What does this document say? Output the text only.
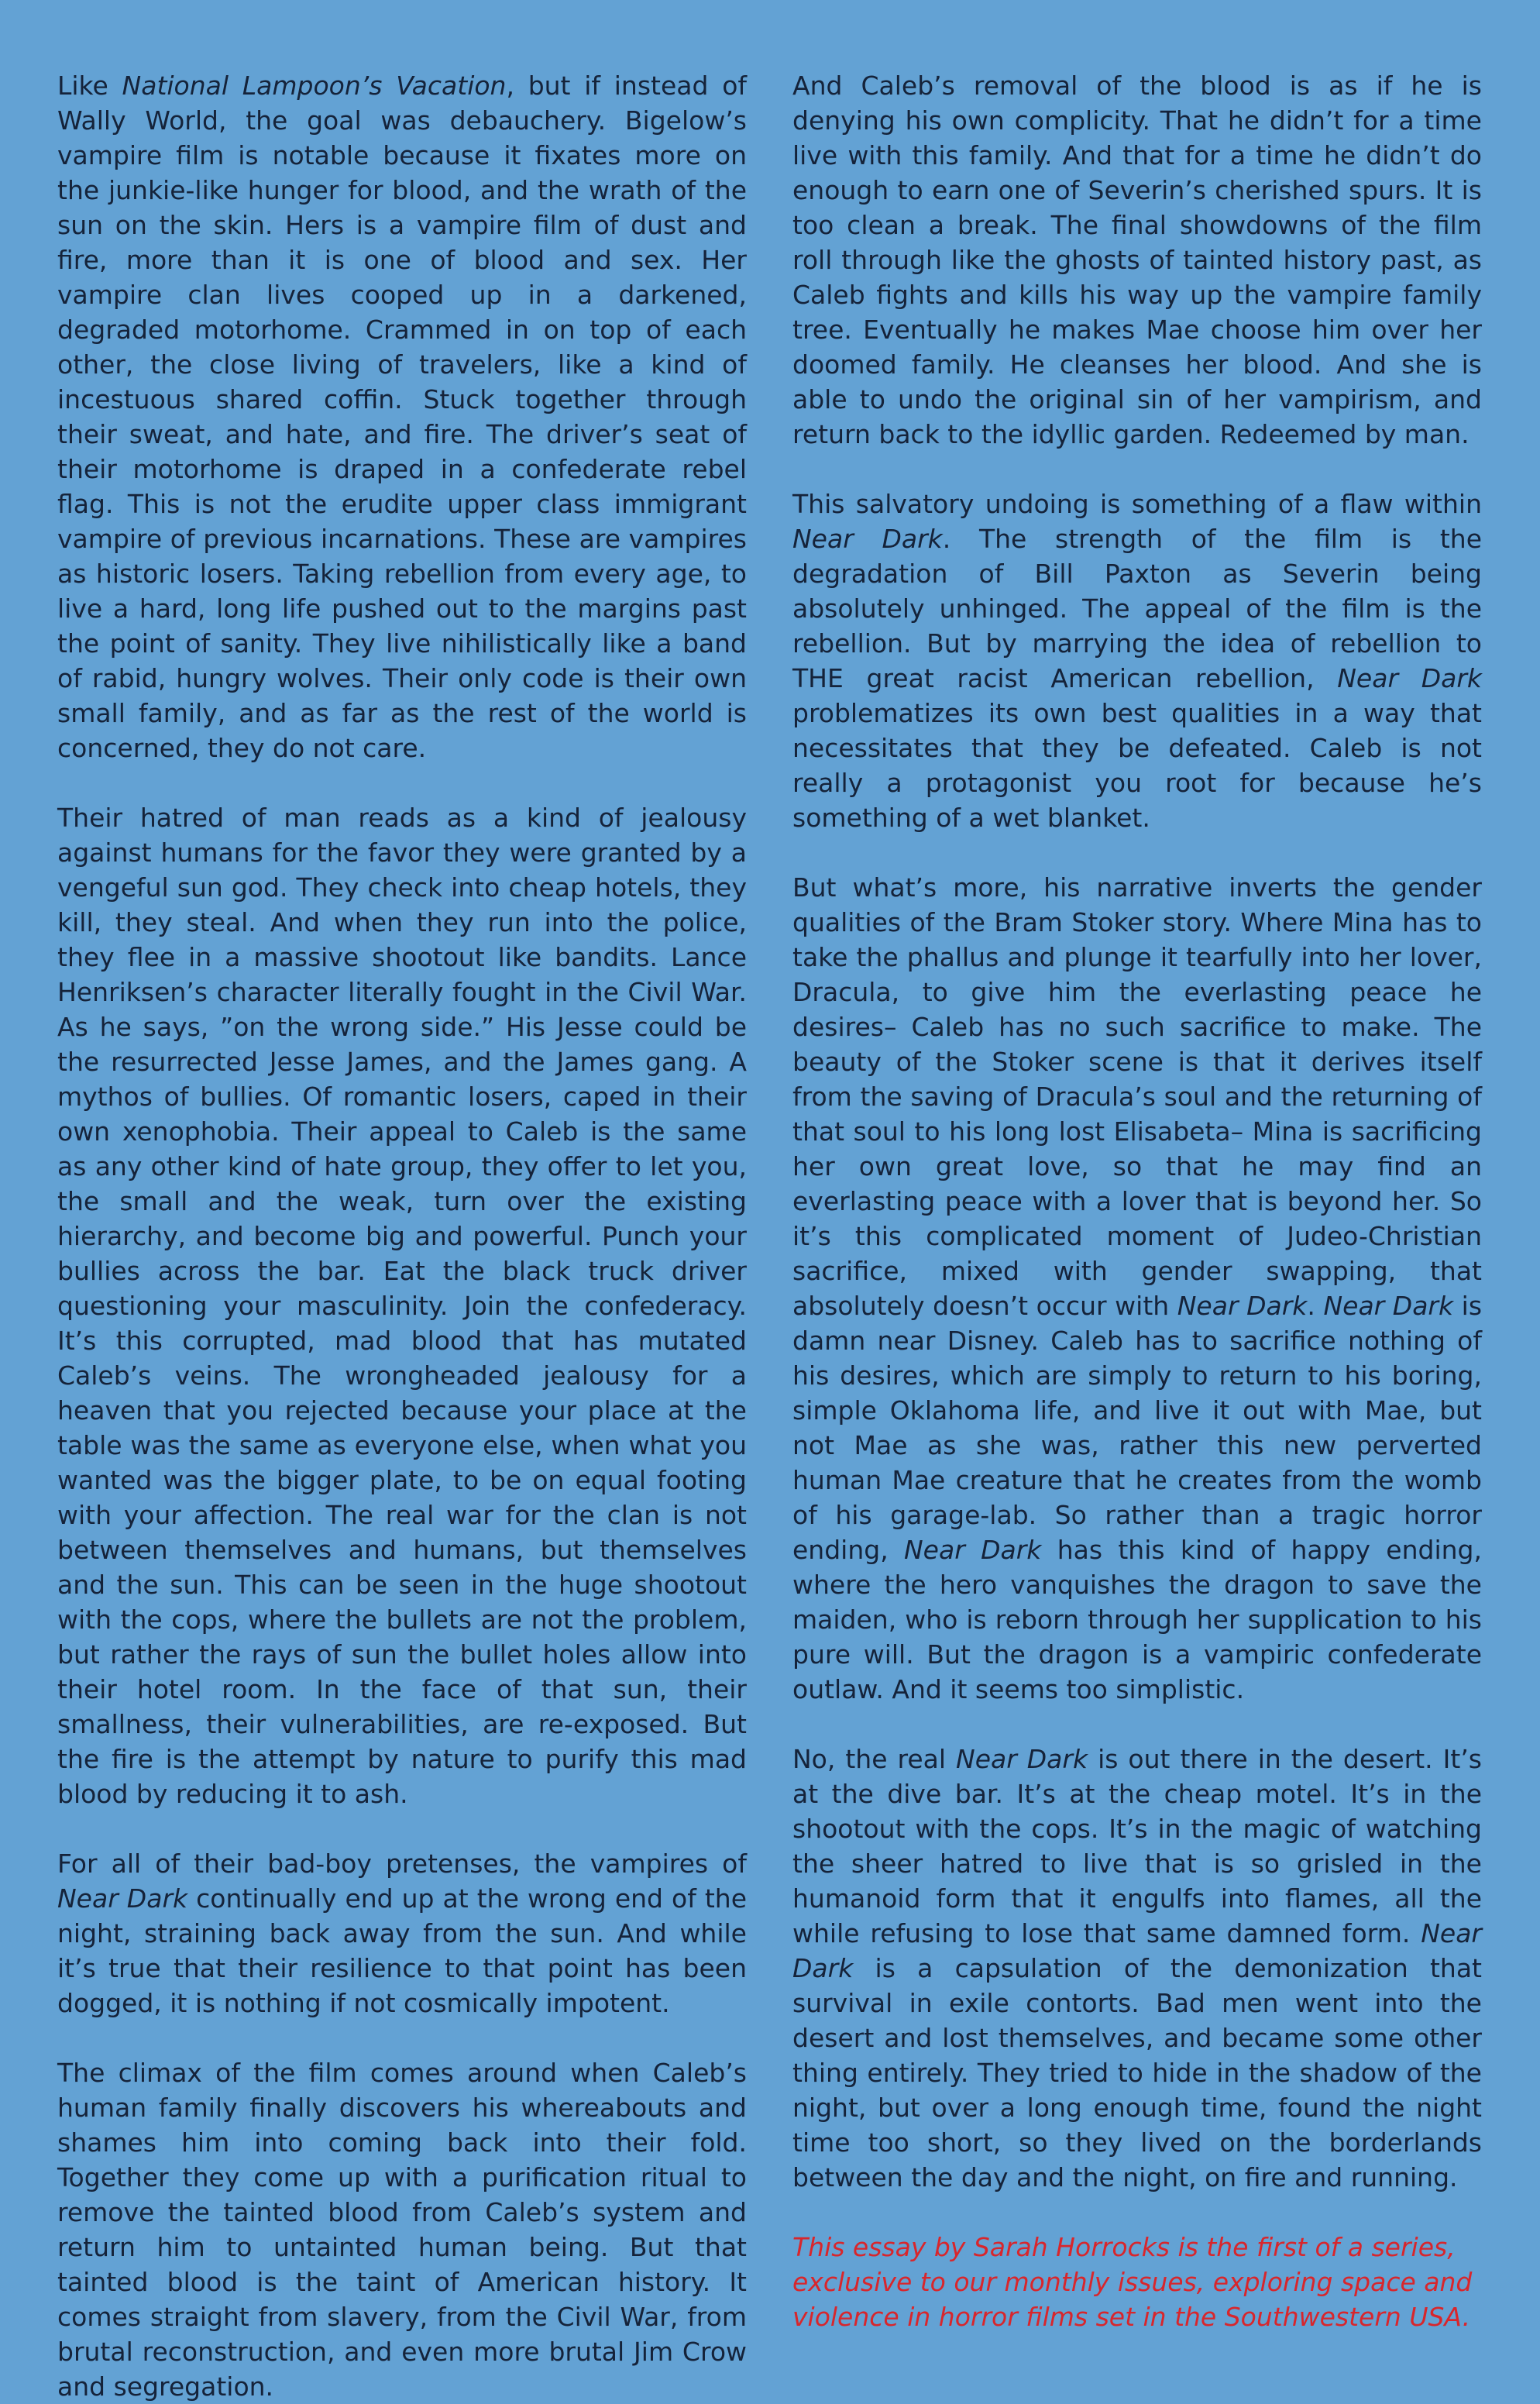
Like National Lampoon’s Vacation, but if instead of Wally World, the goal was debauchery. Bigelow’s vampire film is notable because it fixates more on the junkie-like hunger for blood, and the wrath of the sun on the skin. Hers is a vampire film of dust and fire, more than it is one of blood and sex. Her vampire clan lives cooped up in a darkened, degraded motorhome. Crammed in on top of each other, the close living of travelers, like a kind of incestuous shared coffin. Stuck together through their sweat, and hate, and fire. The driver’s seat of their motorhome is draped in a confederate rebel flag. This is not the erudite upper class immigrant vampire of previous incarnations. These are vampires as historic losers. Taking rebellion from every age, to live a hard, long life pushed out to the margins past the point of sanity. They live nihilistically like a band of rabid, hungry wolves. Their only code is their own small family, and as far as the rest of the world is concerned, they do not care.

Their hatred of man reads as a kind of jealousy against humans for the favor they were granted by a vengeful sun god. They check into cheap hotels, they kill, they steal. And when they run into the police, they flee in a massive shootout like bandits. Lance Henriksen’s character literally fought in the Civil War. As he says, ”on the wrong side.” His Jesse could be the resurrected Jesse James, and the James gang. A mythos of bullies. Of romantic losers, caped in their own xenophobia. Their appeal to Caleb is the same as any other kind of hate group, they offer to let you, the small and the weak, turn over the existing hierarchy, and become big and powerful. Punch your bullies across the bar. Eat the black truck driver questioning your masculinity. Join the confederacy. It’s this corrupted, mad blood that has mutated Caleb’s veins. The wrongheaded jealousy for a heaven that you rejected because your place at the table was the same as everyone else, when what you wanted was the bigger plate, to be on equal footing with your affection. The real war for the clan is not between themselves and humans, but themselves and the sun. This can be seen in the huge shootout with the cops, where the bullets are not the problem, but rather the rays of sun the bullet holes allow into their hotel room. In the face of that sun, their smallness, their vulnerabilities, are re-exposed. But the fire is the attempt by nature to purify this mad blood by reducing it to ash.

For all of their bad-boy pretenses, the vampires of Near Dark continually end up at the wrong end of the night, straining back away from the sun. And while it’s true that their resilience to that point has been dogged, it is nothing if not cosmically impotent.

The climax of the film comes around when Caleb’s human family finally discovers his whereabouts and shames him into coming back into their fold. Together they come up with a purification ritual to remove the tainted blood from Caleb’s system and return him to untainted human being. But that tainted blood is the taint of American history. It comes straight from slavery, from the Civil War, from brutal reconstruction, and even more brutal Jim Crow and segregation.

And Caleb’s removal of the blood is as if he is denying his own complicity. That he didn’t for a time live with this family. And that for a time he didn’t do enough to earn one of Severin’s cherished spurs. It is too clean a break. The final showdowns of the film roll through like the ghosts of tainted history past, as Caleb fights and kills his way up the vampire family tree. Eventually he makes Mae choose him over her doomed family. He cleanses her blood. And she is able to undo the original sin of her vampirism, and return back to the idyllic garden. Redeemed by man.

This salvatory undoing is something of a flaw within Near Dark. The strength of the film is the degradation of Bill Paxton as Severin being absolutely unhinged. The appeal of the film is the rebellion. But by marrying the idea of rebellion to THE great racist American rebellion, Near Dark problematizes its own best qualities in a way that necessitates that they be defeated. Caleb is not really a protagonist you root for because he’s something of a wet blanket.

But what’s more, his narrative inverts the gender qualities of the Bram Stoker story. Where Mina has to take the phallus and plunge it tearfully into her lover, Dracula, to give him the everlasting peace he desires– Caleb has no such sacrifice to make. The beauty of the Stoker scene is that it derives itself from the saving of Dracula’s soul and the returning of that soul to his long lost Elisabeta– Mina is sacrificing her own great love, so that he may find an everlasting peace with a lover that is beyond her. So it’s this complicated moment of Judeo-Christian sacrifice, mixed with gender swapping, that absolutely doesn’t occur with Near Dark. Near Dark is damn near Disney. Caleb has to sacrifice nothing of his desires, which are simply to return to his boring, simple Oklahoma life, and live it out with Mae, but not Mae as she was, rather this new perverted human Mae creature that he creates from the womb of his garage-lab. So rather than a tragic horror ending, Near Dark has this kind of happy ending, where the hero vanquishes the dragon to save the maiden, who is reborn through her supplication to his pure will. But the dragon is a vampiric confederate outlaw. And it seems too simplistic.

No, the real Near Dark is out there in the desert. It’s at the dive bar. It’s at the cheap motel. It’s in the shootout with the cops. It’s in the magic of watching the sheer hatred to live that is so grisled in the humanoid form that it engulfs into flames, all the while refusing to lose that same damned form. Near Dark is a capsulation of the demonization that survival in exile contorts. Bad men went into the desert and lost themselves, and became some other thing entirely. They tried to hide in the shadow of the night, but over a long enough time, found the night time too short, so they lived on the borderlands between the day and the night, on fire and running.

This essay by Sarah Horrocks is the first of a series, exclusive to our monthly issues, exploring space and violence in horror films set in the Southwestern USA.
